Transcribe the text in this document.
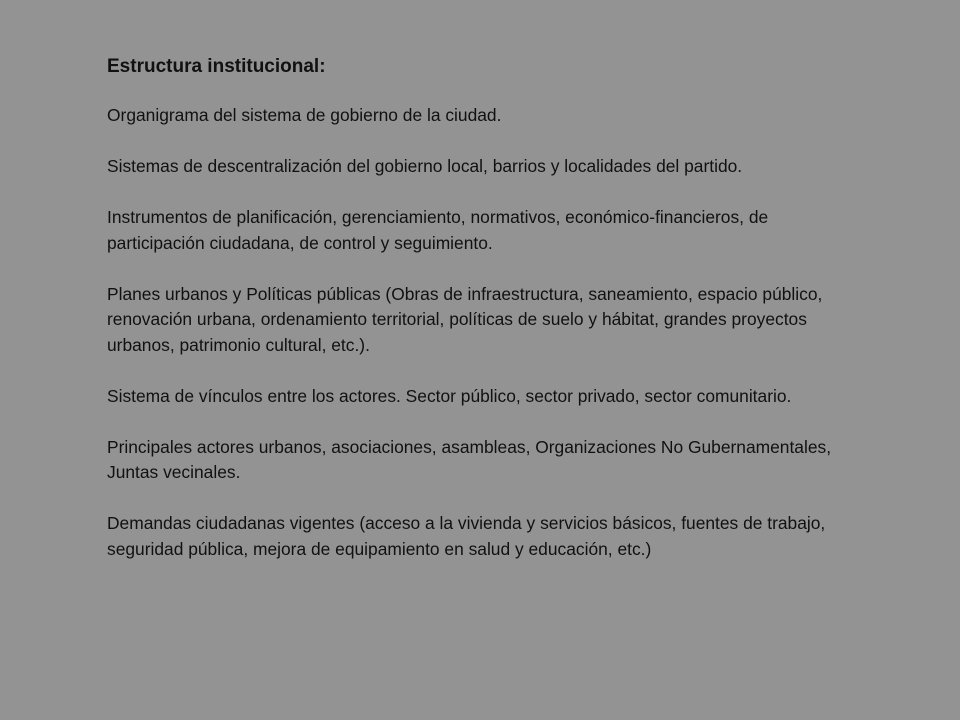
Estructura institucional:
Organigrama del sistema de gobierno de la ciudad.
Sistemas de descentralización del gobierno local, barrios y localidades del partido.
Instrumentos de planificación, gerenciamiento, normativos, económico-financieros, de participación ciudadana, de control y seguimiento.
Planes urbanos y Políticas públicas (Obras de infraestructura, saneamiento, espacio público, renovación urbana, ordenamiento territorial, políticas de suelo y hábitat, grandes proyectos urbanos, patrimonio cultural, etc.).
Sistema de vínculos entre los actores. Sector público, sector privado, sector comunitario.
Principales actores urbanos, asociaciones, asambleas, Organizaciones No Gubernamentales, Juntas vecinales.
Demandas ciudadanas vigentes (acceso a la vivienda y servicios básicos, fuentes de trabajo, seguridad pública, mejora de equipamiento en salud y educación, etc.)
